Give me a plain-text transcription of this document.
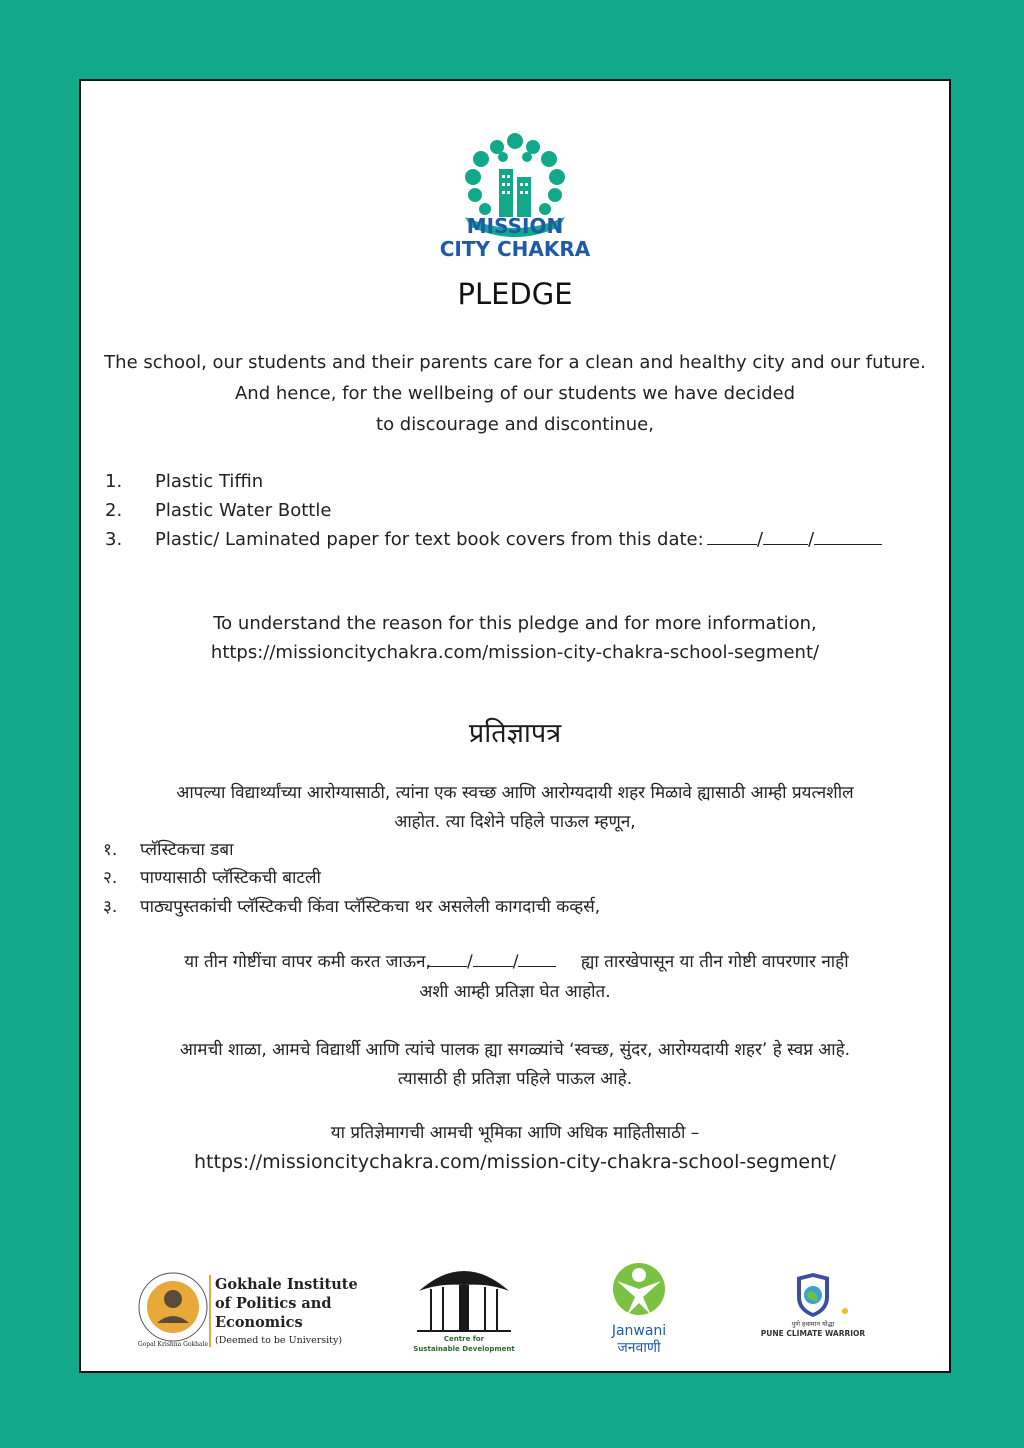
MISSION
CITY CHAKRA
PLEDGE
The school, our students and their parents care for a clean and healthy city and our future.
And hence, for the wellbeing of our students we have decided
to discourage and discontinue,
1. Plastic Tiffin
2. Plastic Water Bottle
3. Plastic/ Laminated paper for text book covers from this date:	/	/
To understand the reason for this pledge and for more information,
https://missioncitychakra.com/mission-city-chakra-school-segment/
प्रतिज्ञापत्र
आपल्या विद्यार्थ्यांच्या आरोग्यासाठी, त्यांना एक स्वच्छ आणि आरोग्यदायी शहर मिळावे ह्यासाठी आम्ही प्रयत्नशील
आहोत. त्या दिशेने पहिले पाऊल म्हणून,
१. प्लॅस्टिकचा डबा
२. पाण्यासाठी प्लॅस्टिकची बाटली
३. पाठ्यपुस्तकांची प्लॅस्टिकची किंवा प्लॅस्टिकचा थर असलेली कागदाची कव्हर्स,
या तीन गोष्टींचा वापर कमी करत जाऊन,	/ /	ह्या तारखेपासून या तीन गोष्टी वापरणार नाही
अशी आम्ही प्रतिज्ञा घेत आहोत.
आमची शाळा, आमचे विद्यार्थी आणि त्यांचे पालक ह्या सगळ्यांचे ‘स्वच्छ, सुंदर, आरोग्यदायी शहर’ हे स्वप्न आहे.
त्यासाठी ही प्रतिज्ञा पहिले पाऊल आहे.
या प्रतिज्ञेमागची आमची भूमिका आणि अधिक माहितीसाठी –
https://missioncitychakra.com/mission-city-chakra-school-segment/
Gopal Krishna Gokhale
Gokhale Institute
of Politics and
Economics
(Deemed to be University)	Centre for
Sustainable Development
Janwani
जनवाणी
पुणे हवामान योद्धा
PUNE CLIMATE WARRIOR
